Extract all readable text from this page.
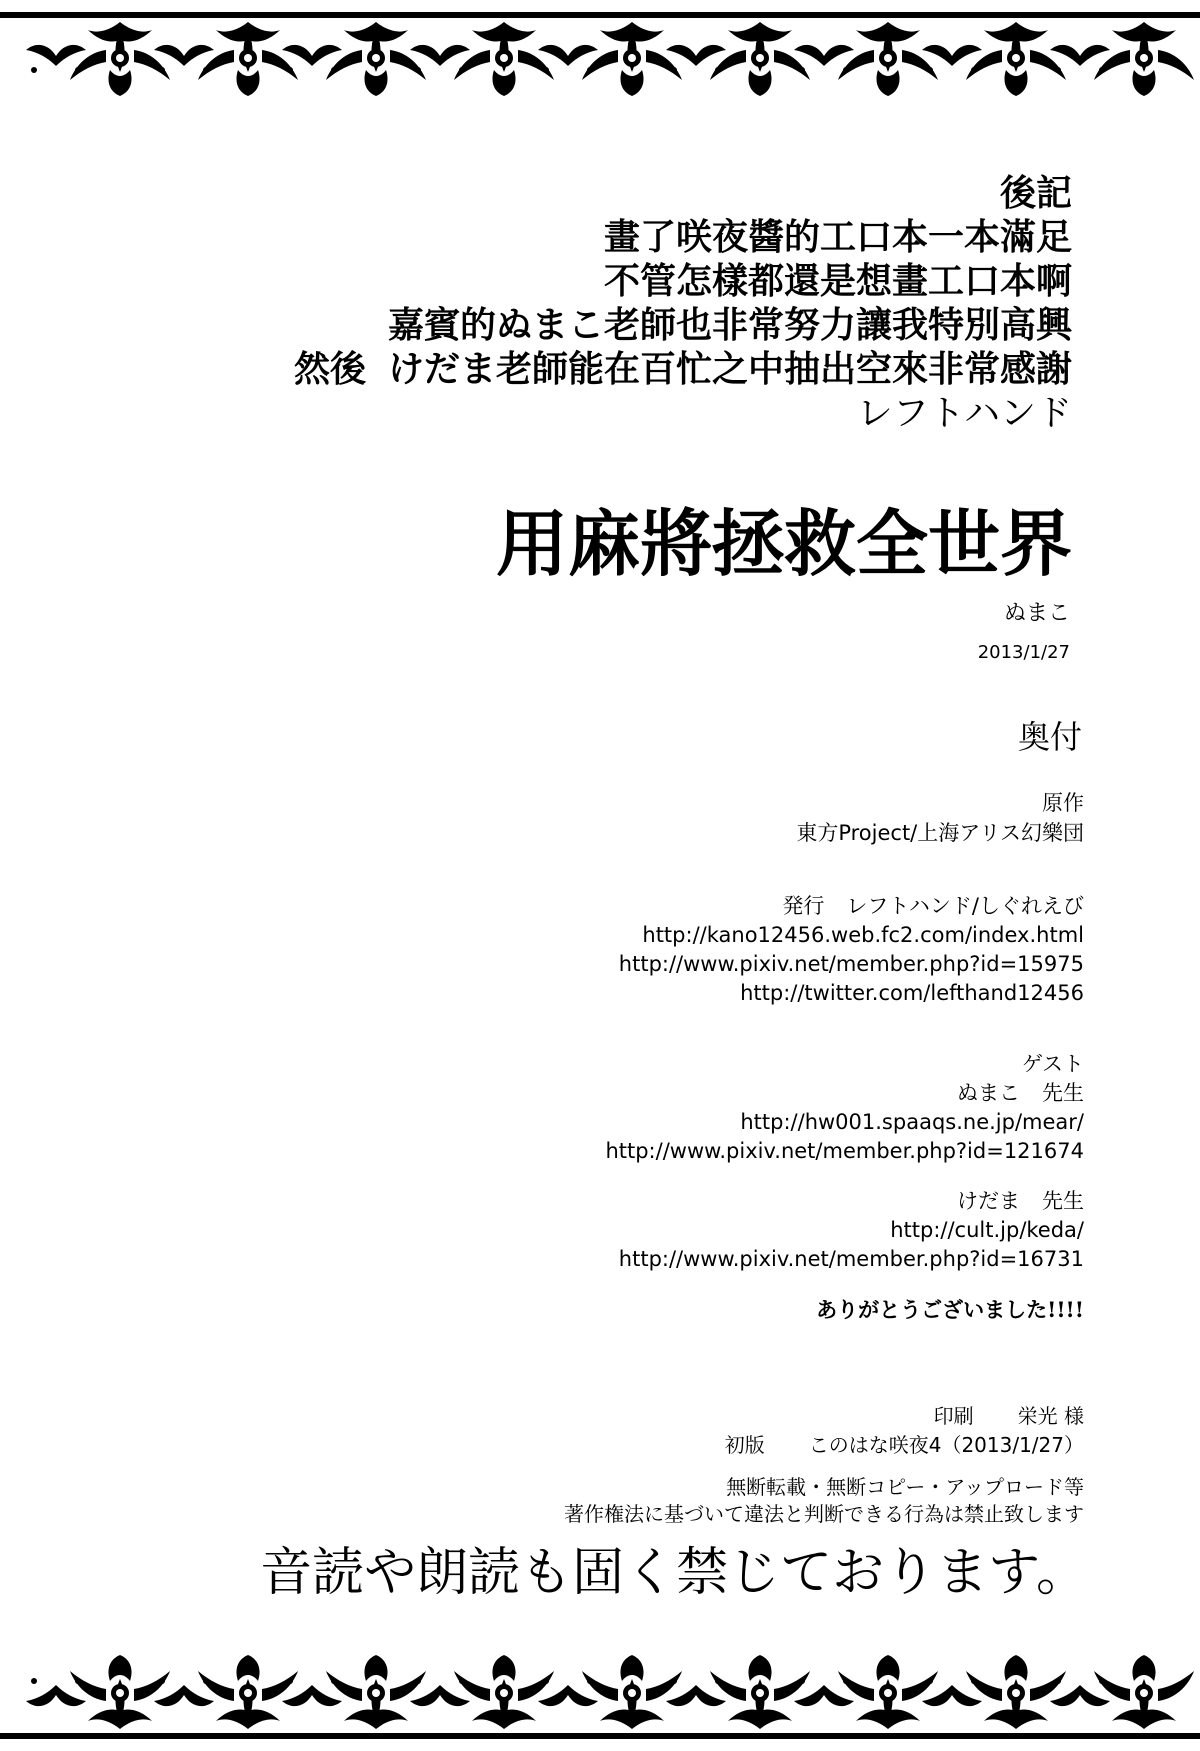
後記
畫了咲夜醬的工口本一本滿足
不管怎樣都還是想畫工口本啊
嘉賓的ぬまこ老師也非常努力讓我特別高興
然後 けだま老師能在百忙之中抽出空來非常感謝
レフトハンド
用麻將拯救全世界
ぬまこ
2013/1/27
奥付
原作
東方Project/上海アリス幻樂団
発行 レフトハンド/しぐれえび
http://kano12456.web.fc2.com/index.html
http://www.pixiv.net/member.php?id=15975
http://twitter.com/lefthand12456
ゲスト
ぬまこ 先生
http://hw001.spaaqs.ne.jp/mear/
http://www.pixiv.net/member.php?id=121674
けだま 先生
http://cult.jp/keda/
http://www.pixiv.net/member.php?id=16731
ありがとうございました!!!!
印刷 栄光 様
初版 このはな咲夜4（2013/1/27）
無断転載・無断コピー・アップロード等
著作権法に基づいて違法と判断できる行為は禁止致します
音読や朗読も固く禁じております。
